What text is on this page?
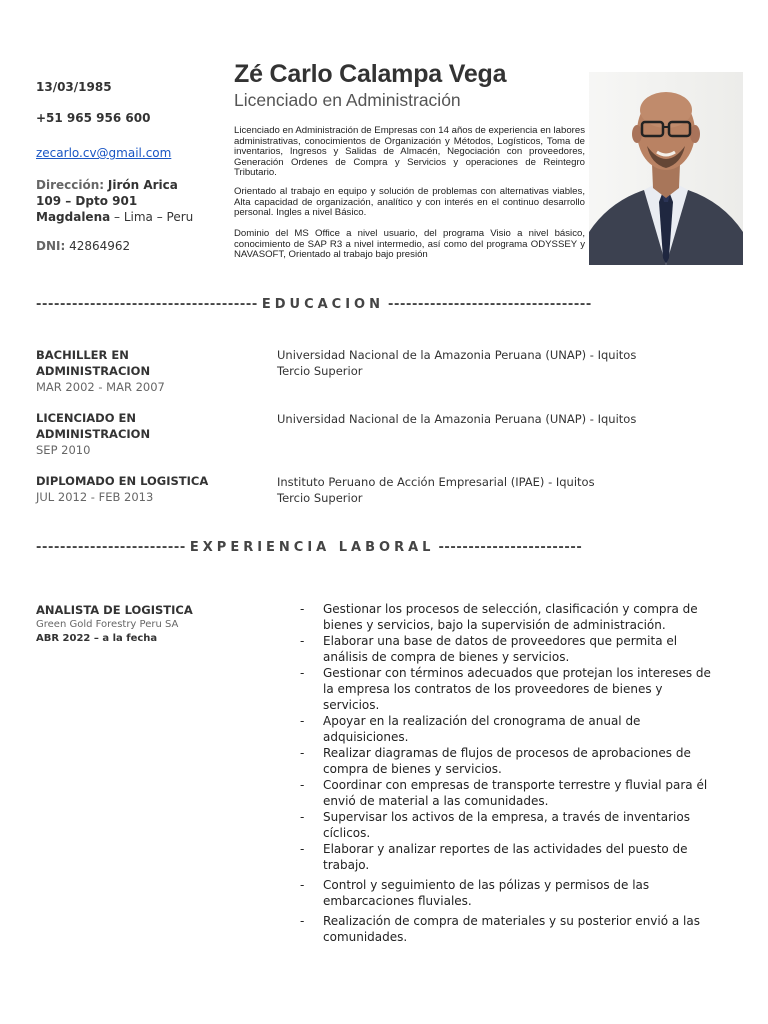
13/03/1985
+51 965 956 600
zecarlo.cv@gmail.com
Dirección: Jirón Arica
109 – Dpto 901
Magdalena – Lima – Peru
DNI: 42864962
Zé Carlo Calampa Vega
Licenciado en Administración
Licenciado en Administración de Empresas con 14 años de experiencia en labores administrativas, conocimientos de Organización y Métodos, Logísticos, Toma de inventarios, Ingresos y Salidas de Almacén, Negociación con proveedores, Generación Ordenes de Compra y Servicios y operaciones de Reintegro Tributario.
Orientado al trabajo en equipo y solución de problemas con alternativas viables, Alta capacidad de organización, analítico y con interés en el continuo desarrollo personal. Ingles a nivel Básico.
Dominio del MS Office a nivel usuario, del programa Visio a nivel básico, conocimiento de SAP R3 a nivel intermedio, así como del programa ODYSSEY y NAVASOFT, Orientado al trabajo bajo presión
------------------------------------- EDUCACION ----------------------------------
BACHILLER EN
ADMINISTRACION
MAR 2002 - MAR 2007
Universidad Nacional de la Amazonia Peruana (UNAP) - Iquitos
Tercio Superior
LICENCIADO EN
ADMINISTRACION
SEP 2010
Universidad Nacional de la Amazonia Peruana (UNAP) - Iquitos
DIPLOMADO EN LOGISTICA
JUL 2012 - FEB 2013
Instituto Peruano de Acción Empresarial (IPAE) - Iquitos
Tercio Superior
------------------------- EXPERIENCIA LABORAL ------------------------
ANALISTA DE LOGISTICA
Green Gold Forestry Peru SA
ABR 2022 – a la fecha
- Gestionar los procesos de selección, clasificación y compra de bienes y servicios, bajo la supervisión de administración.
- Elaborar una base de datos de proveedores que permita el análisis de compra de bienes y servicios.
- Gestionar con términos adecuados que protejan los intereses de la empresa los contratos de los proveedores de bienes y servicios.
- Apoyar en la realización del cronograma de anual de adquisiciones.
- Realizar diagramas de flujos de procesos de aprobaciones de compra de bienes y servicios.
- Coordinar con empresas de transporte terrestre y fluvial para él envió de material a las comunidades.
- Supervisar los activos de la empresa, a través de inventarios cíclicos.
- Elaborar y analizar reportes de las actividades del puesto de trabajo.
- Control y seguimiento de las pólizas y permisos de las embarcaciones fluviales.
- Realización de compra de materiales y su posterior envió a las comunidades.
